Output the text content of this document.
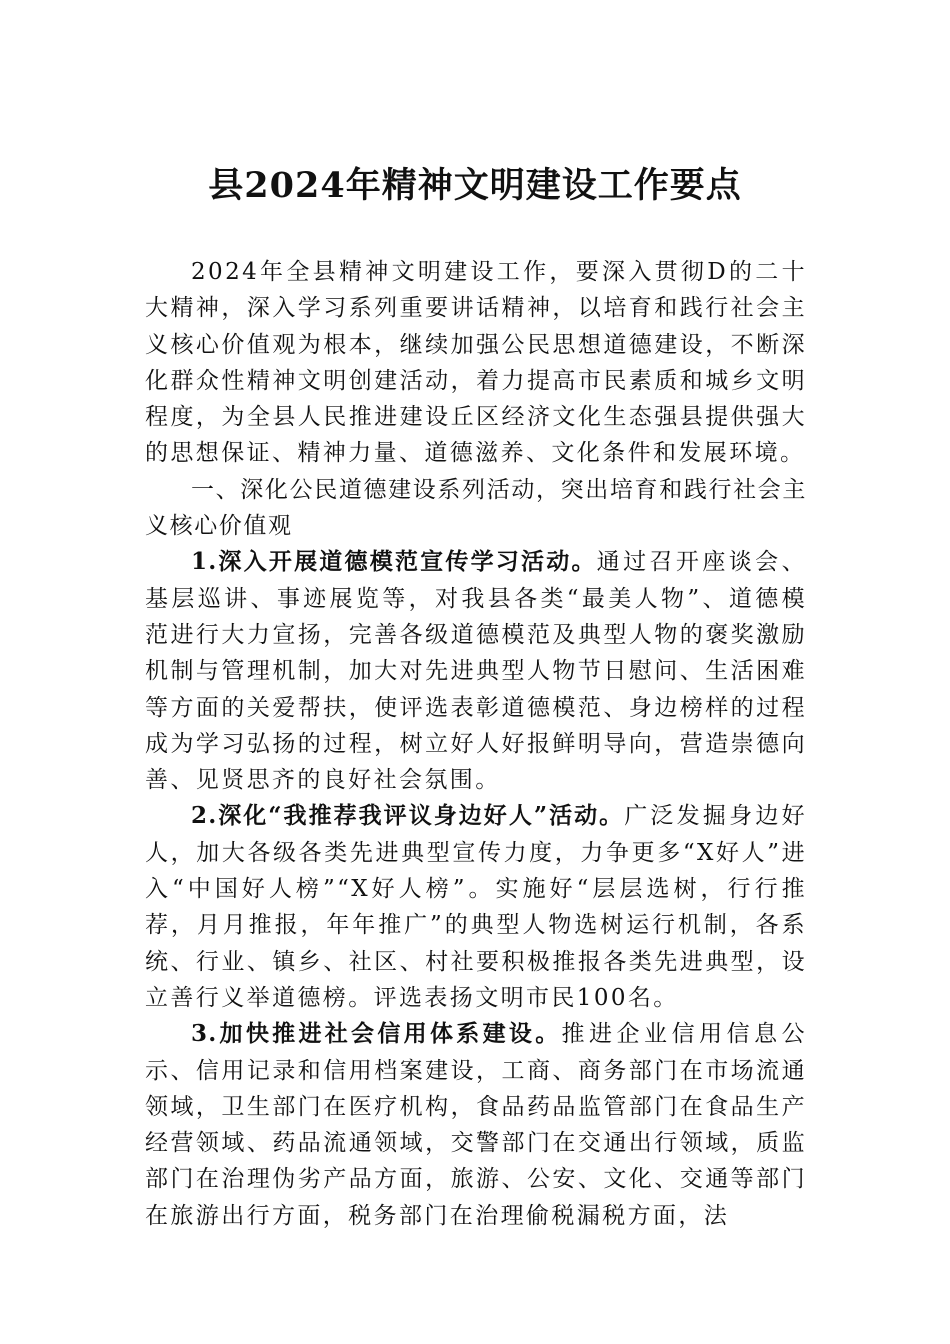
县2024年精神文明建设工作要点

2024年全县精神文明建设工作，要深入贯彻D的二十大精神，深入学习系列重要讲话精神，以培育和践行社会主义核心价值观为根本，继续加强公民思想道德建设，不断深化群众性精神文明创建活动，着力提高市民素质和城乡文明程度，为全县人民推进建设丘区经济文化生态强县提供强大的思想保证、精神力量、道德滋养、文化条件和发展环境。

一、深化公民道德建设系列活动，突出培育和践行社会主义核心价值观

1.深入开展道德模范宣传学习活动。通过召开座谈会、基层巡讲、事迹展览等，对我县各类“最美人物”、道德模范进行大力宣扬，完善各级道德模范及典型人物的褒奖激励机制与管理机制，加大对先进典型人物节日慰问、生活困难等方面的关爱帮扶，使评选表彰道德模范、身边榜样的过程成为学习弘扬的过程，树立好人好报鲜明导向，营造崇德向善、见贤思齐的良好社会氛围。

2.深化“我推荐我评议身边好人”活动。广泛发掘身边好人，加大各级各类先进典型宣传力度，力争更多“X好人”进入“中国好人榜”“X好人榜”。实施好“层层选树，行行推荐，月月推报，年年推广”的典型人物选树运行机制，各系统、行业、镇乡、社区、村社要积极推报各类先进典型，设立善行义举道德榜。评选表扬文明市民100名。

3.加快推进社会信用体系建设。推进企业信用信息公示、信用记录和信用档案建设，工商、商务部门在市场流通领域，卫生部门在医疗机构，食品药品监管部门在食品生产经营领域、药品流通领域，交警部门在交通出行领域，质监部门在治理伪劣产品方面，旅游、公安、文化、交通等部门在旅游出行方面，税务部门在治理偷税漏税方面，法
